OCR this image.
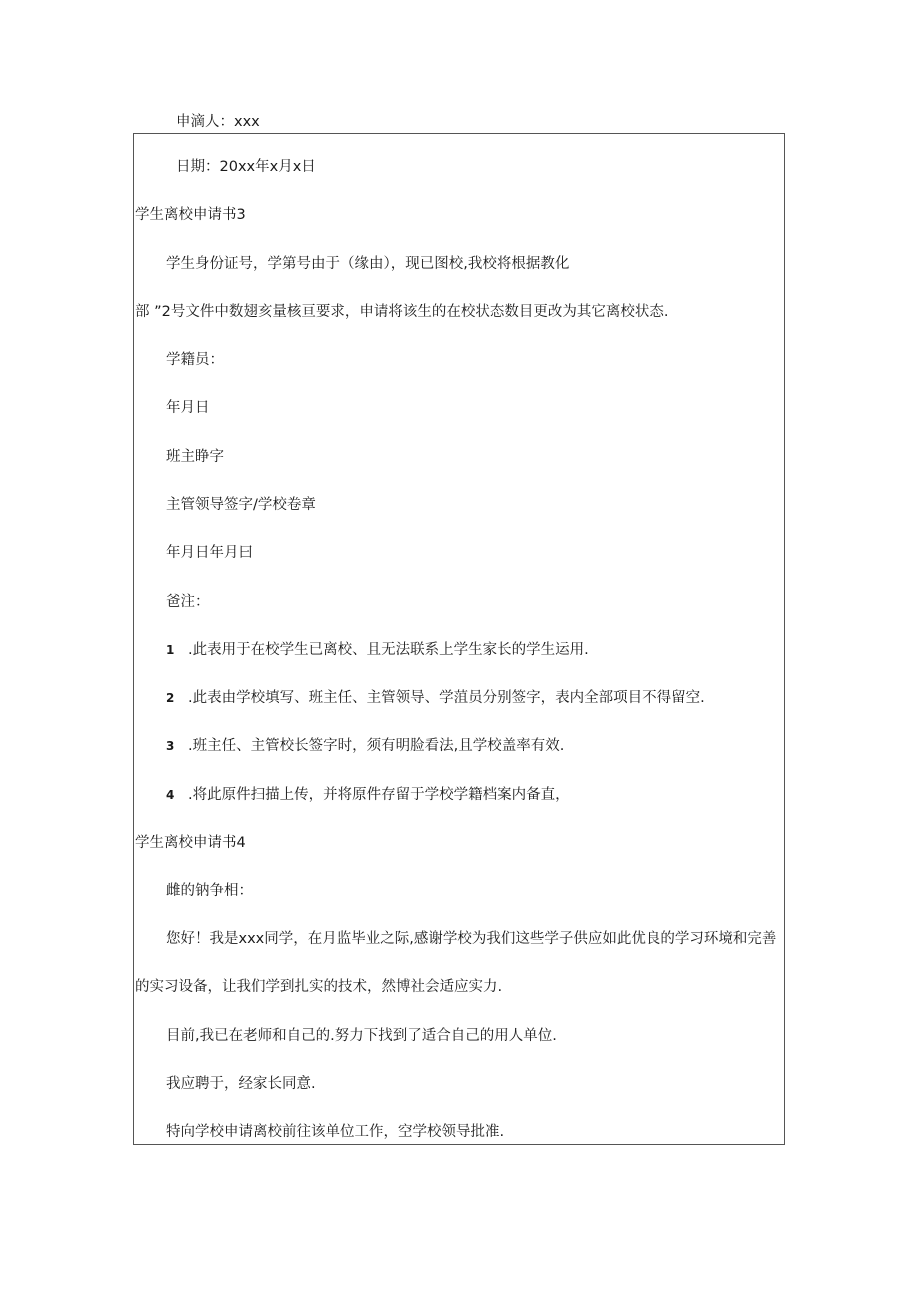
申滴人：xxx
日期：20xx年x月x日
学生离校申请书3
学生身份证号，学第号由于（缘由），现已图校,我校将根据教化
部 ”2号文件中数翅亥量核亘要求，申请将该生的在校状态数目更改为其它离校状态.
学籍员：
年月日
班主睁字
主管领导签字/学校卷章
年月日年月曰
爸注：
1 .此表用于在校学生已离校、且无法联系上学生家长的学生运用.
2 .此表由学校填写、班主任、主管领导、学菹员分别签字，表内全部项目不得留空.
3 .班主任、主管校长签字时，须有明脸看法,且学校盖率有效.
4 .将此原件扫描上传，并将原件存留于学校学籍档案内备直，
学生离校申请书4
雌的钠争相：
您好！我是xxx同学，在月监毕业之际,感谢学校为我们这些学子供应如此优良的学习环境和完善
的实习设备，让我们学到扎实的技术，然博社会适应实力.
目前,我已在老师和自己的.努力下找到了适合自己的用人单位.
我应聘于，经家长同意.
特向学校申请离校前往该单位工作，空学校领导批准.
